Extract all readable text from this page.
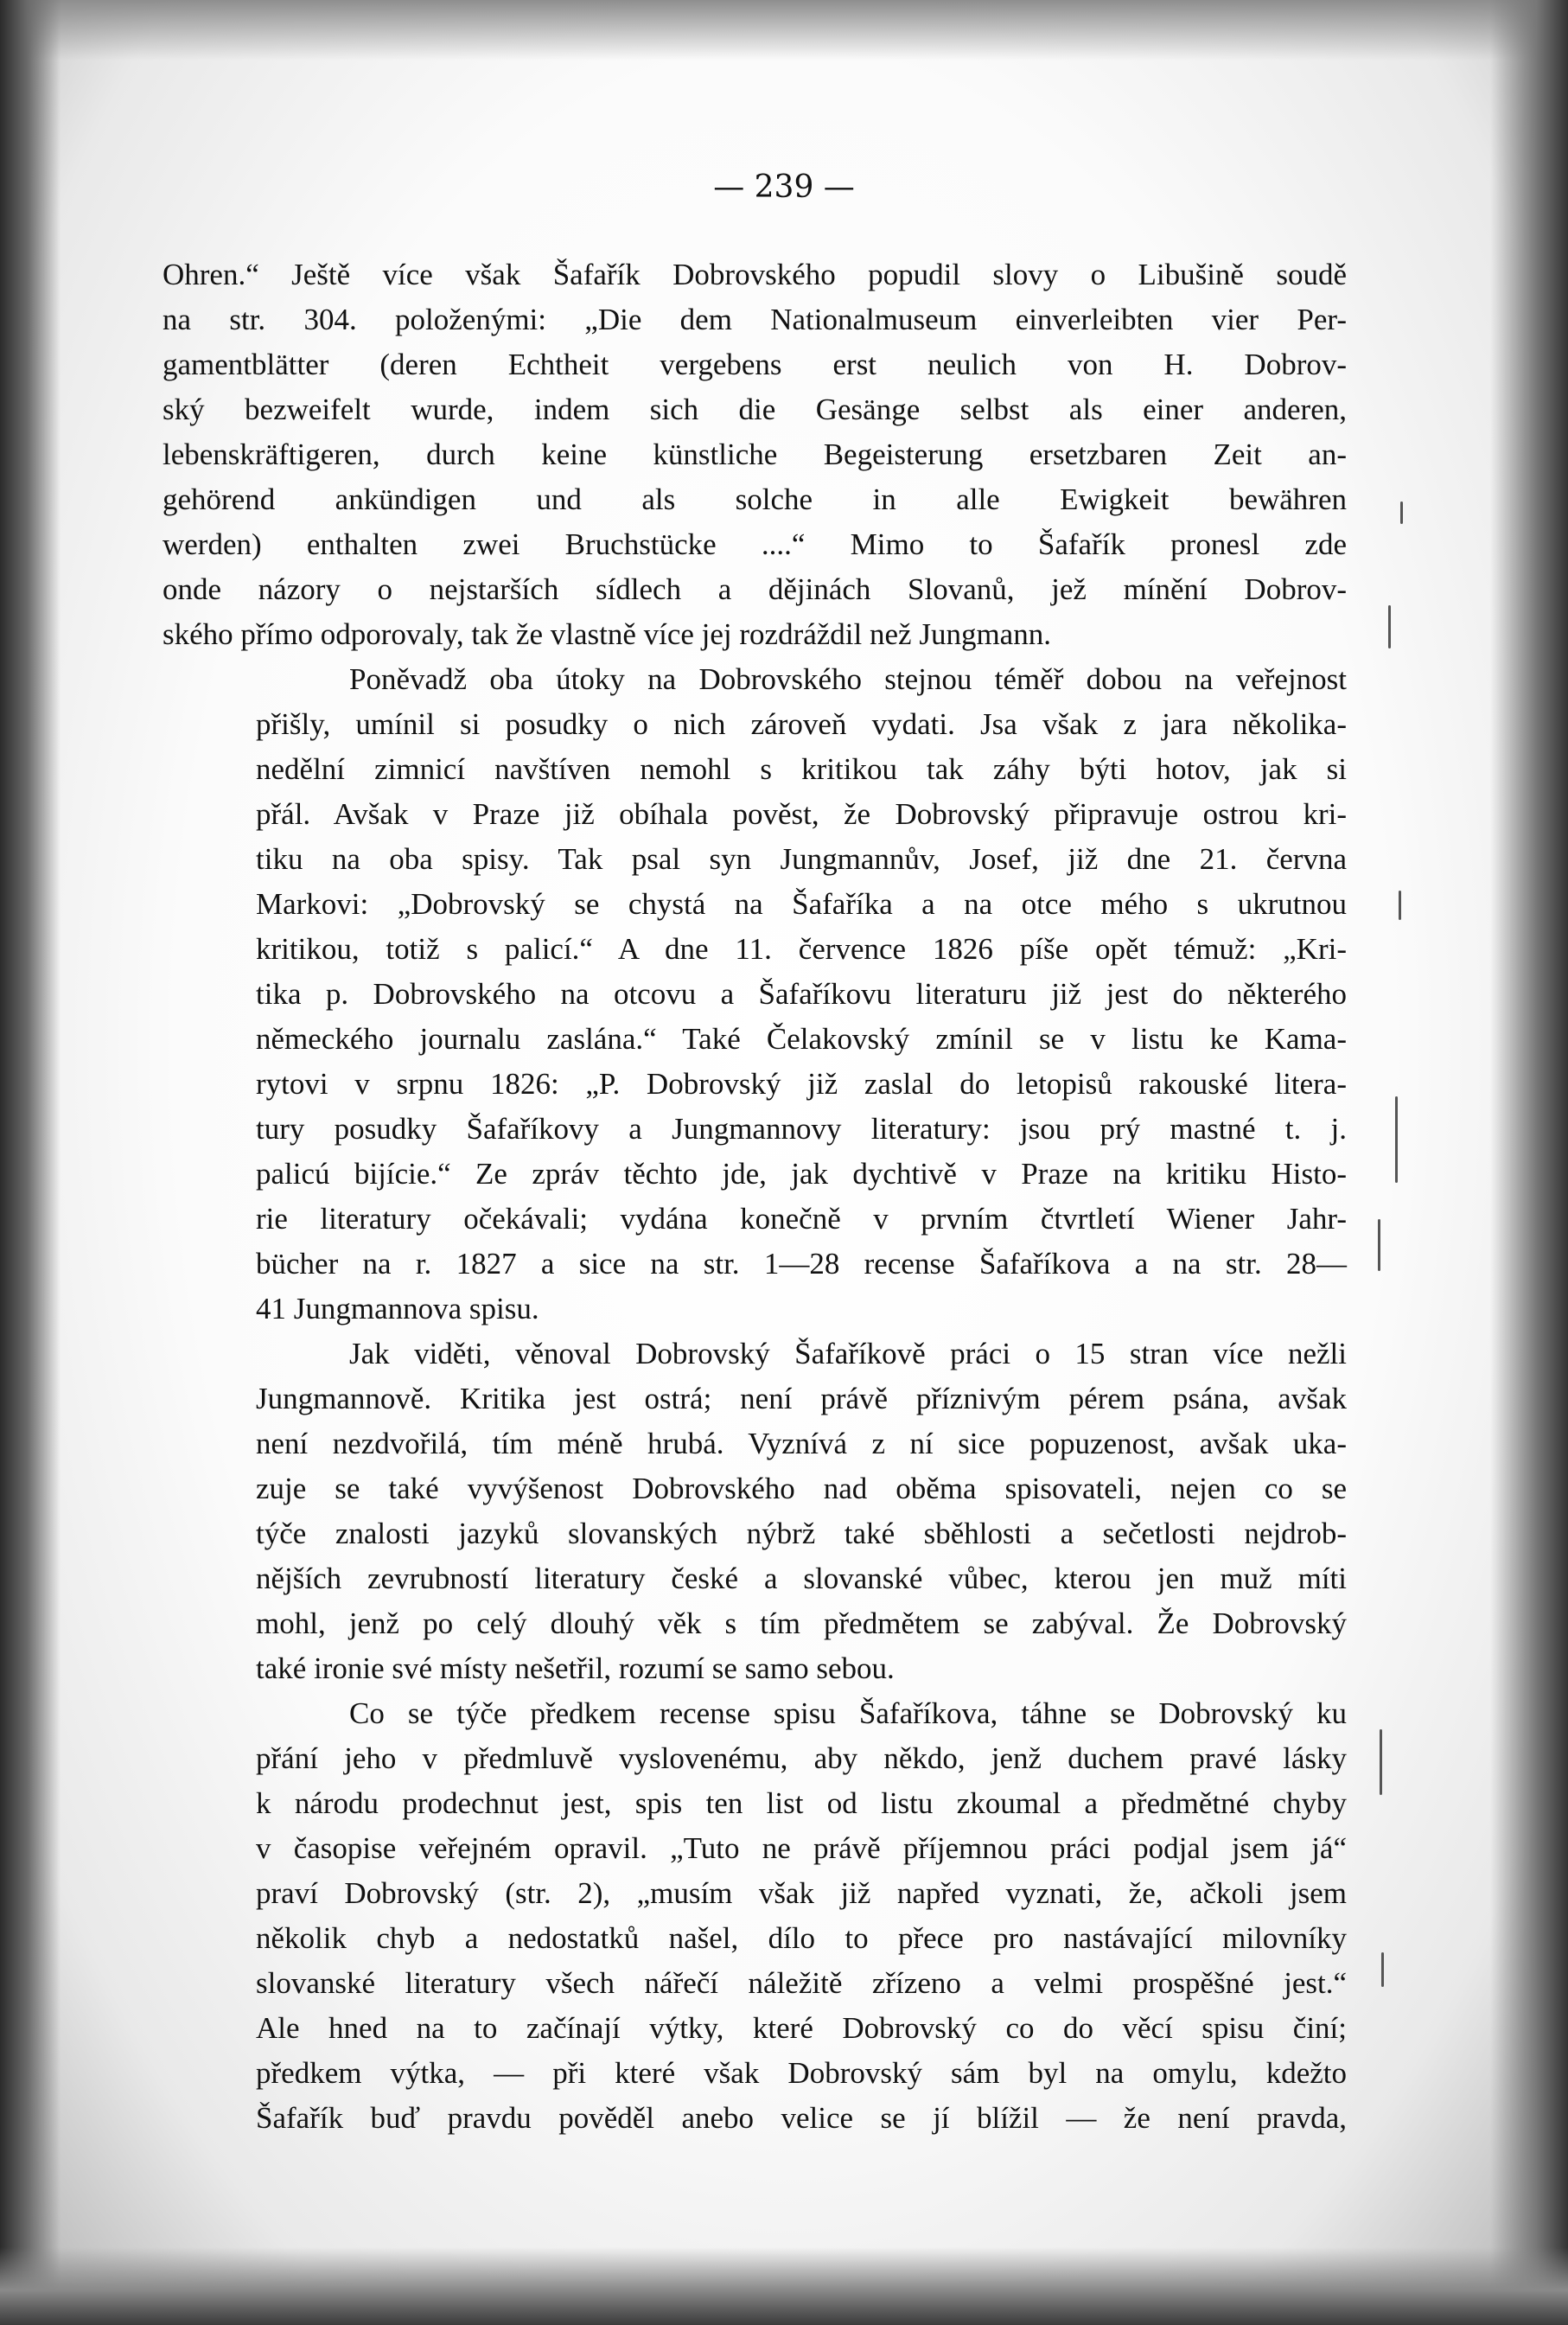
— 239 —

Ohren.“ Ještě více však Šafařík Dobrovského popudil slovy o Libušině soudě
na str. 304. položenými: „Die dem Nationalmuseum einverleibten vier Per-
gamentblätter (deren Echtheit vergebens erst neulich von H. Dobrov-
ský bezweifelt wurde, indem sich die Gesänge selbst als einer anderen,
lebenskräftigeren, durch keine künstliche Begeisterung ersetzbaren Zeit an-
gehörend ankündigen und als solche in alle Ewigkeit bewähren
werden) enthalten zwei Bruchstücke ....“ Mimo to Šafařík pronesl zde
onde názory o nejstarších sídlech a dějinách Slovanů, jež mínění Dobrov-
ského přímo odporovaly, tak že vlastně více jej rozdráždil než Jungmann.

Poněvadž oba útoky na Dobrovského stejnou téměř dobou na veřejnost
přišly, umínil si posudky o nich zároveň vydati. Jsa však z jara několika-
nedělní zimnicí navštíven nemohl s kritikou tak záhy býti hotov, jak si
přál. Avšak v Praze již obíhala pověst, že Dobrovský připravuje ostrou kri-
tiku na oba spisy. Tak psal syn Jungmannův, Josef, již dne 21. června
Markovi: „Dobrovský se chystá na Šafaříka a na otce mého s ukrutnou
kritikou, totiž s palicí.“ A dne 11. července 1826 píše opět témuž: „Kri-
tika p. Dobrovského na otcovu a Šafaříkovu literaturu již jest do některého
německého journalu zaslána.“ Také Čelakovský zmínil se v listu ke Kama-
rytovi v srpnu 1826: „P. Dobrovský již zaslal do letopisů rakouské litera-
tury posudky Šafaříkovy a Jungmannovy literatury: jsou prý mastné t. j.
palicú bijície.“ Ze zpráv těchto jde, jak dychtivě v Praze na kritiku Histo-
rie literatury očekávali; vydána konečně v prvním čtvrtletí Wiener Jahr-
bücher na r. 1827 a sice na str. 1—28 recense Šafaříkova a na str. 28—
41 Jungmannova spisu.

Jak viděti, věnoval Dobrovský Šafaříkově práci o 15 stran více nežli
Jungmannově. Kritika jest ostrá; není právě příznivým pérem psána, avšak
není nezdvořilá, tím méně hrubá. Vyznívá z ní sice popuzenost, avšak uka-
zuje se také vyvýšenost Dobrovského nad oběma spisovateli, nejen co se
týče znalosti jazyků slovanských nýbrž také sběhlosti a sečetlosti nejdrob-
nějších zevrubností literatury české a slovanské vůbec, kterou jen muž míti
mohl, jenž po celý dlouhý věk s tím předmětem se zabýval. Že Dobrovský
také ironie své místy nešetřil, rozumí se samo sebou.

Co se týče předkem recense spisu Šafaříkova, táhne se Dobrovský ku
přání jeho v předmluvě vyslovenému, aby někdo, jenž duchem pravé lásky
k národu prodechnut jest, spis ten list od listu zkoumal a předmětné chyby
v časopise veřejném opravil. „Tuto ne právě příjemnou práci podjal jsem já“
praví Dobrovský (str. 2), „musím však již napřed vyznati, že, ačkoli jsem
několik chyb a nedostatků našel, dílo to přece pro nastávající milovníky
slovanské literatury všech nářečí náležitě zřízeno a velmi prospěšné jest.“
Ale hned na to začínají výtky, které Dobrovský co do věcí spisu činí;
předkem výtka, — při které však Dobrovský sám byl na omylu, kdežto
Šafařík buď pravdu pověděl anebo velice se jí blížil — že není pravda,
